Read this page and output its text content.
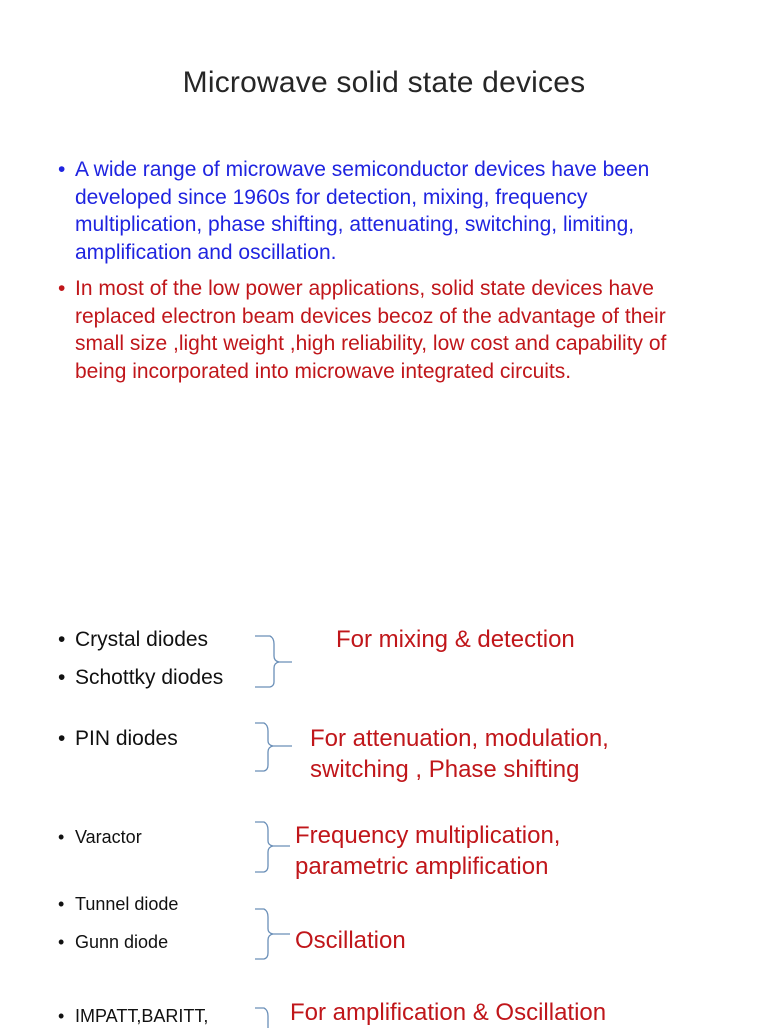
Microwave solid state devices
• A wide range of microwave semiconductor devices have been developed since 1960s for detection, mixing, frequency multiplication, phase shifting, attenuating, switching, limiting, amplification and oscillation.
• In most of the low power applications, solid state devices have replaced electron beam devices becoz of the advantage of their small size ,light weight ,high reliability, low cost and capability of being incorporated into microwave integrated circuits.
• Crystal diodes
• Schottky diodes
• PIN diodes
• Varactor
• Tunnel diode
• Gunn diode
• IMPATT,BARITT,
For mixing & detection
For attenuation, modulation,
switching , Phase shifting
Frequency multiplication,
parametric amplification
Oscillation
For amplification & Oscillation
